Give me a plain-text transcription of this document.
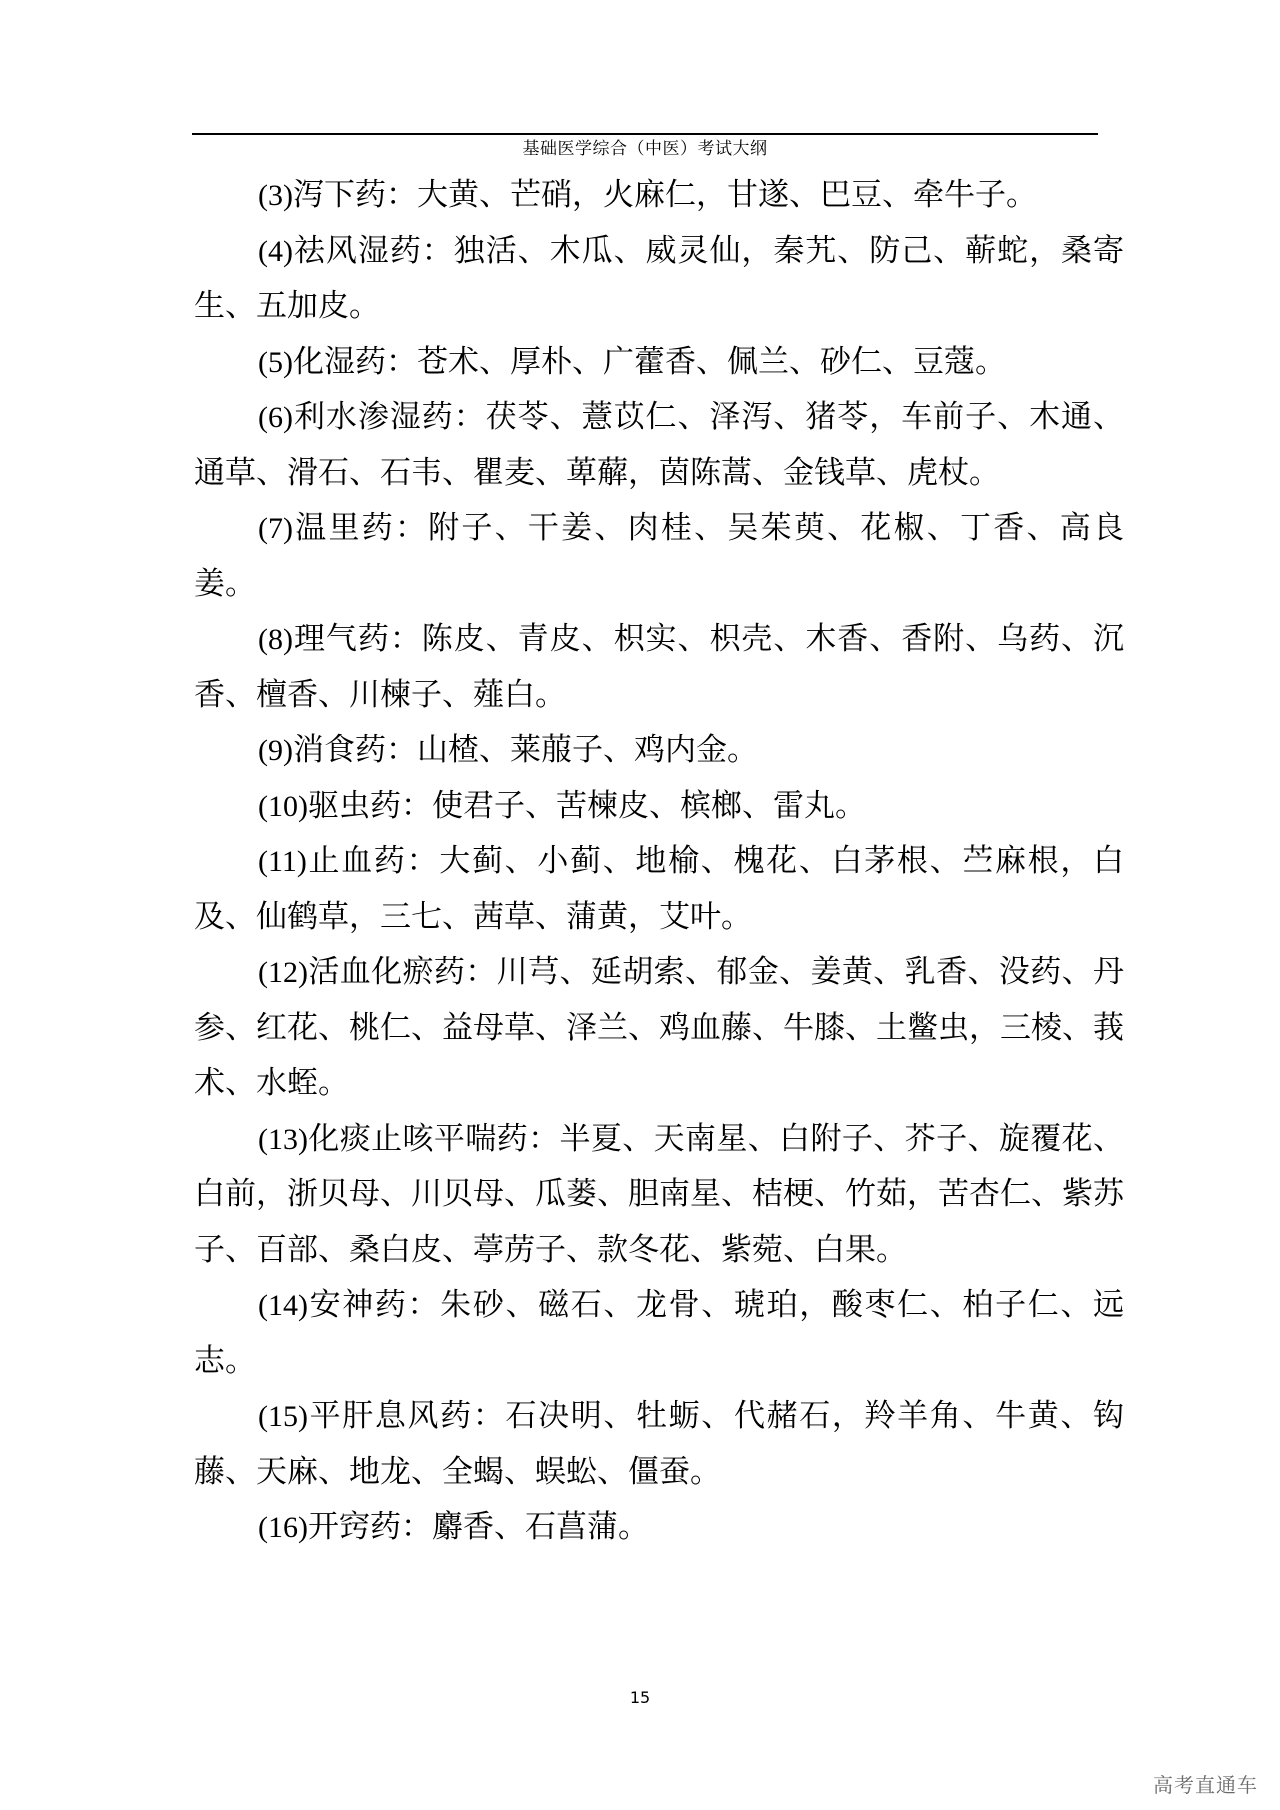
基础医学综合（中医）考试大纲

(3)泻下药：大黄、芒硝，火麻仁，甘遂、巴豆、牵牛子。

(4)祛风湿药：独活、木瓜、威灵仙，秦艽、防己、蕲蛇，桑寄生、五加皮。

(5)化湿药：苍术、厚朴、广藿香、佩兰、砂仁、豆蔻。

(6)利水渗湿药：茯苓、薏苡仁、泽泻、猪苓，车前子、木通、通草、滑石、石韦、瞿麦、萆薢，茵陈蒿、金钱草、虎杖。

(7)温里药：附子、干姜、肉桂、吴茱萸、花椒、丁香、高良姜。

(8)理气药：陈皮、青皮、枳实、枳壳、木香、香附、乌药、沉香、檀香、川楝子、薤白。

(9)消食药：山楂、莱菔子、鸡内金。

(10)驱虫药：使君子、苦楝皮、槟榔、雷丸。

(11)止血药：大蓟、小蓟、地榆、槐花、白茅根、苎麻根，白及、仙鹤草，三七、茜草、蒲黄，艾叶。

(12)活血化瘀药：川芎、延胡索、郁金、姜黄、乳香、没药、丹参、红花、桃仁、益母草、泽兰、鸡血藤、牛膝、土鳖虫，三棱、莪术、水蛭。

(13)化痰止咳平喘药：半夏、天南星、白附子、芥子、旋覆花、白前，浙贝母、川贝母、瓜蒌、胆南星、桔梗、竹茹，苦杏仁、紫苏子、百部、桑白皮、葶苈子、款冬花、紫菀、白果。

(14)安神药：朱砂、磁石、龙骨、琥珀，酸枣仁、柏子仁、远志。

(15)平肝息风药：石决明、牡蛎、代赭石，羚羊角、牛黄、钩藤、天麻、地龙、全蝎、蜈蚣、僵蚕。

(16)开窍药：麝香、石菖蒲。

15
高考直通车
